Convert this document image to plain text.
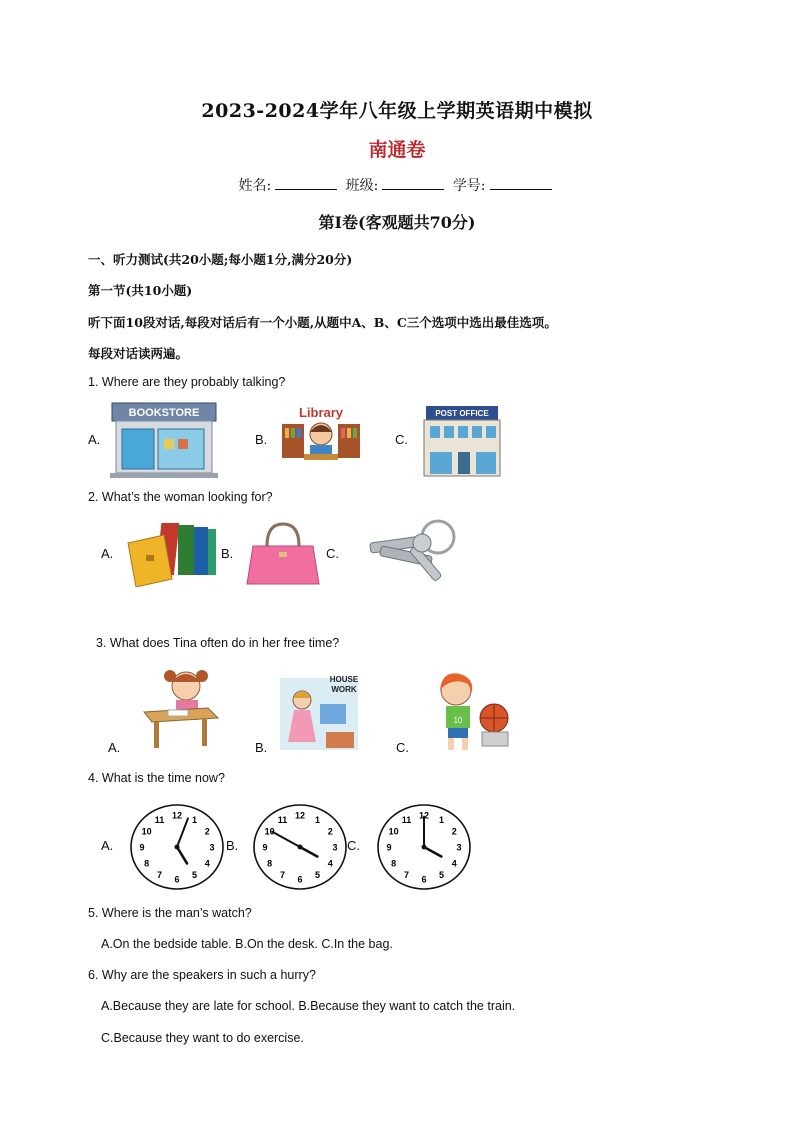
2023-2024学年八年级上学期英语期中模拟
南通卷
姓名:	班级:	学号:
第I卷(客观题共70分)
一、听力测试(共20小题;每小题1分,满分20分)
第一节(共10小题)
听下面10段对话,每段对话后有一个小题,从题中A、B、C三个选项中选出最佳选项。
每段对话读两遍。
1. Where are they probably talking?
A.
BOOKSTORE
B.
Library
C.
POST OFFICE
2. What’s the woman looking for?
A.	B.	C.
3. What does Tina often do in her free time?
A.	B.
HOUSE
WORK
C.
10
4. What is the time now?
A.
12 1
2
3
4
5
6
7
8
9
10
11
B.
12 1
2
3
4
5
6
7
8
9
10
11
C.
12 1
2
3
4
5
6
7
8
9
10
11
5. Where is the man’s watch?
A.On the bedside table. B.On the desk. C.In the bag.
6. Why are the speakers in such a hurry?
A.Because they are late for school. B.Because they want to catch the train.
C.Because they want to do exercise.
